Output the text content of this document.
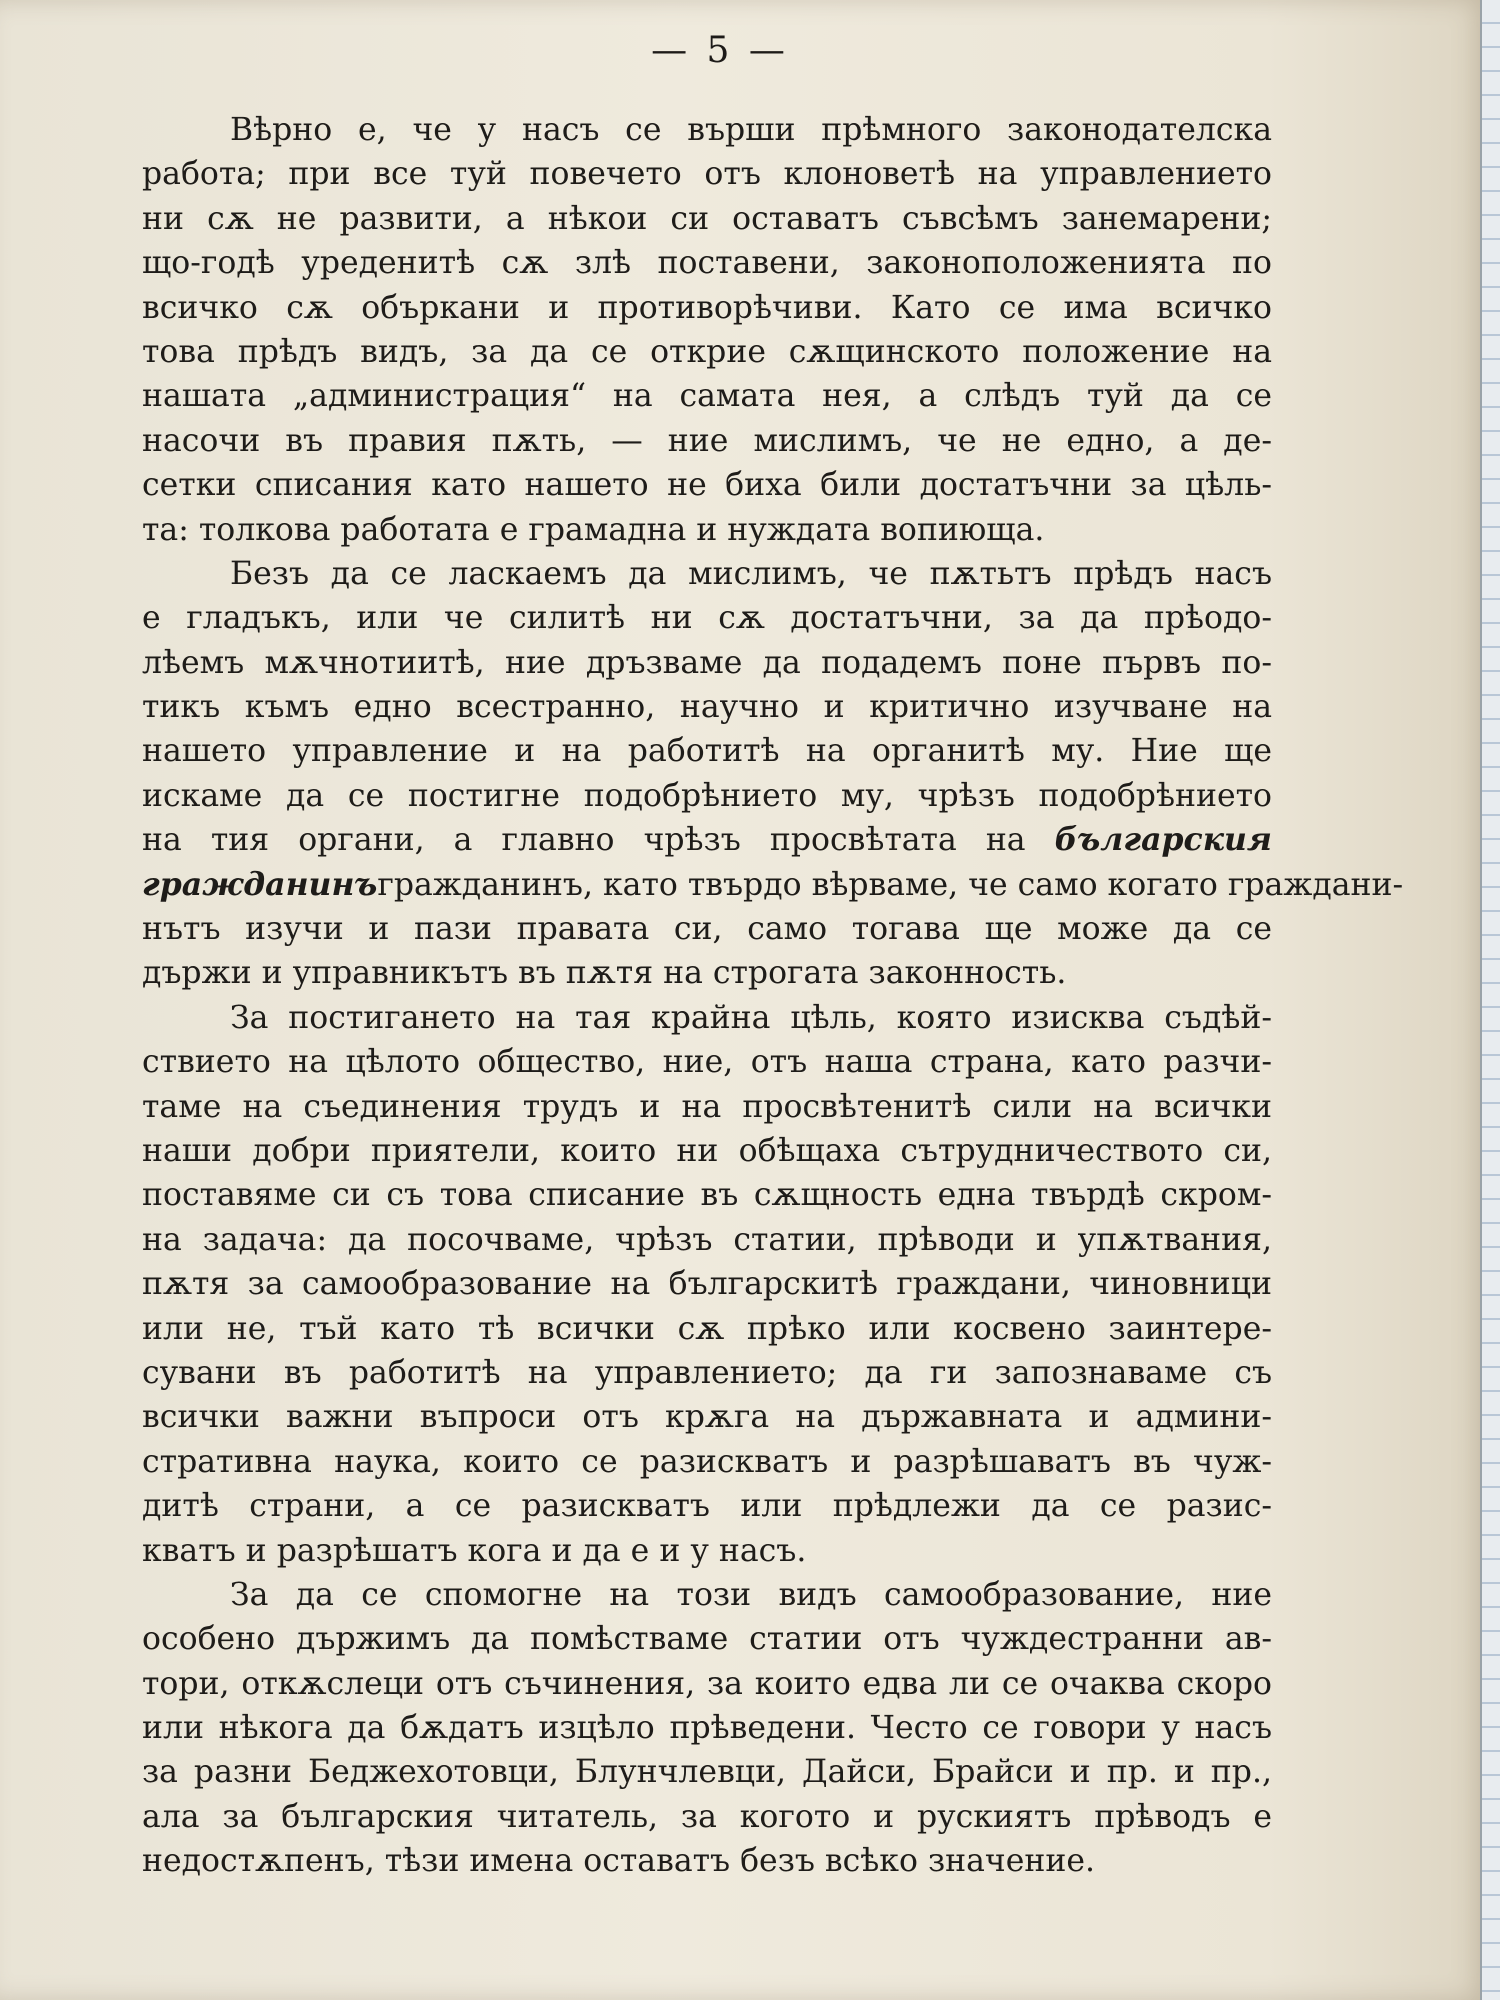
— 5 —
Вѣрно е, че у насъ се върши прѣмного законодателска
работа; при все туй повечето отъ клоноветѣ на управлението
ни сѫ не развити, а нѣкои си оставатъ съвсѣмъ занемарени;
що-годѣ уреденитѣ сѫ злѣ поставени, законоположенията по
всичко сѫ объркани и противорѣчиви. Като се има всичко
това прѣдъ видъ, за да се открие сѫщинското положение на
нашата „администрация“ на самата нея, а слѣдъ туй да се
насочи въ правия пѫть, — ние мислимъ, че не едно, а де-
сетки списания като нашето не биха били достатъчни за цѣль-
та: толкова работата е грамадна и нуждата вопиюща.
Безъ да се ласкаемъ да мислимъ, че пѫтьтъ прѣдъ насъ
е гладъкъ, или че силитѣ ни сѫ достатъчни, за да прѣодо-
лѣемъ мѫчнотиитѣ, ние дръзваме да подадемъ поне първъ по-
тикъ къмъ едно всестранно, научно и критично изучване на
нашето управление и на работитѣ на органитѣ му. Ние ще
искаме да се постигне подобрѣнието му, чрѣзъ подобрѣнието
на тия органи, а главно чрѣзъ просвѣтата на българския
гражданинъгражданинъ, като твърдо вѣрваме, че само когато граждани-
нътъ изучи и пази правата си, само тогава ще може да се
държи и управникътъ въ пѫтя на строгата законность.
За постигането на тая крайна цѣль, която изисква съдѣй-
ствието на цѣлото общество, ние, отъ наша страна, като разчи-
таме на съединения трудъ и на просвѣтенитѣ сили на всички
наши добри приятели, които ни обѣщаха сътрудничеството си,
поставяме си съ това списание въ сѫщность една твърдѣ скром-
на задача: да посочваме, чрѣзъ статии, прѣводи и упѫтвания,
пѫтя за самообразование на българскитѣ граждани, чиновници
или не, тъй като тѣ всички сѫ прѣко или косвено заинтере-
сувани въ работитѣ на управлението; да ги запознаваме съ
всички важни въпроси отъ крѫга на държавната и админи-
стративна наука, които се разискватъ и разрѣшаватъ въ чуж-
дитѣ страни, а се разискватъ или прѣдлежи да се разис-
кватъ и разрѣшатъ кога и да е и у насъ.
За да се спомогне на този видъ самообразование, ние
особено държимъ да помѣстваме статии отъ чуждестранни ав-
тори, откѫслеци отъ съчинения, за които едва ли се очаква скоро
или нѣкога да бѫдатъ изцѣло прѣведени. Често се говори у насъ
за разни Беджехотовци, Блунчлевци, Дайси, Брайси и пр. и пр.,
ала за българския читатель, за когото и рускиятъ прѣводъ е
недостѫпенъ, тѣзи имена оставатъ безъ всѣко значение.
